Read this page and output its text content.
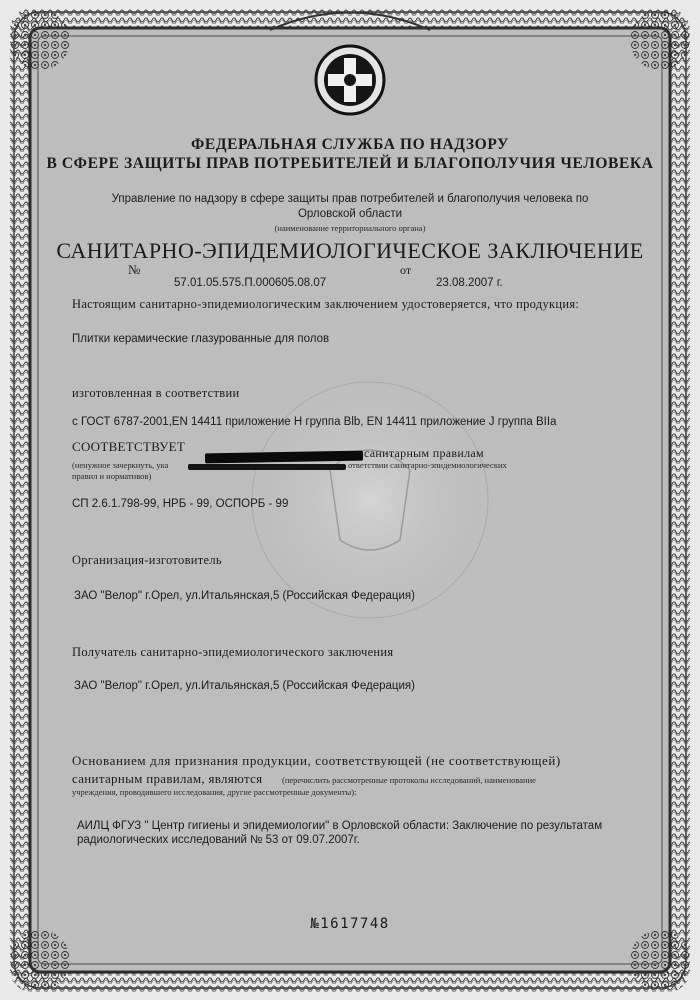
ФЕДЕРАЛЬНАЯ СЛУЖБА ПО НАДЗОРУ
В СФЕРЕ ЗАЩИТЫ ПРАВ ПОТРЕБИТЕЛЕЙ И БЛАГОПОЛУЧИЯ ЧЕЛОВЕКА
Управление по надзору в сфере защиты прав потребителей и благополучия человека по
Орловской области
(наименование территориального органа)
САНИТАРНО-ЭПИДЕМИОЛОГИЧЕСКОЕ ЗАКЛЮЧЕНИЕ
№
57.01.05.575.П.000605.08.07
от
23.08.2007 г.
Настоящим санитарно-эпидемиологическим заключением удостоверяется, что продукция:
Плитки керамические глазурованные для полов
изготовленная в соответствии
с ГОСТ 6787-2001,EN 14411 приложение Н группа Blb, EN 14411 приложение J группа BIIa
СООТВЕТСТВУЕТ	санитарным правилам
(ненужное зачеркнуть, ука	ответствии санитарно-эпидемиологических
правил и нормативов)
СП 2.6.1.798-99, НРБ - 99, ОСПОРБ - 99
Организация-изготовитель
ЗАО "Велор" г.Орел, ул.Итальянская,5 (Российская Федерация)
Получатель санитарно-эпидемиологического заключения
ЗАО "Велор" г.Орел, ул.Итальянская,5 (Российская Федерация)
Основанием для признания продукции, соответствующей (не соответствующей)
санитарным правилам, являются (перечислить рассмотренные протоколы исследований, наименование
учреждения, проводившего исследования, другие рассмотренные документы):
АИЛЦ ФГУЗ " Центр гигиены и эпидемиологии" в Орловской области: Заключение по результатам
радиологических исследований № 53 от 09.07.2007г.
№1617748
